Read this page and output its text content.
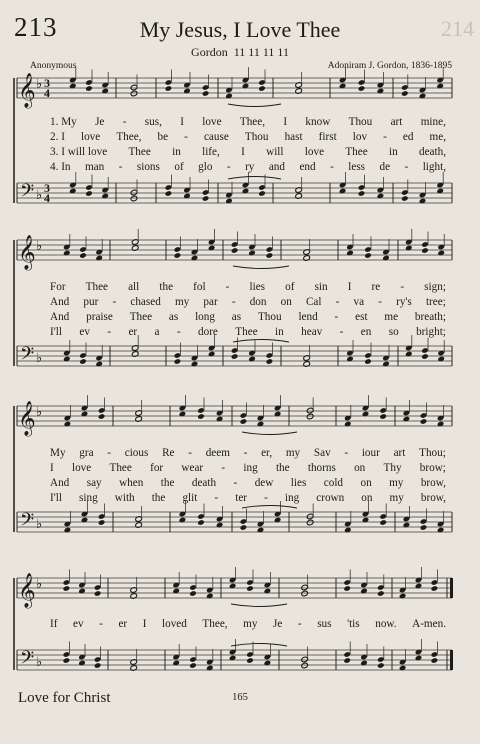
213	My Jesus, I Love Thee
Gordon 11 11 11 11
Anonymous	Adoniram J. Gordon, 1836-1895
214
𝄞 ♭ 3
4
𝄢 ♭ 3
4
𝄞 ♭
𝄢 ♭
𝄞 ♭
𝄢 ♭
𝄞 ♭
𝄢 ♭
Love for Christ	165
1. My Je - sus, I love Thee, I know Thou art mine,
2. I love Thee, be - cause Thou hast first lov - ed me,
3. I will love Thee in life, I will love Thee in death,
4. In man - sions of glo - ry and end - less de - light,
For Thee all the fol - lies of sin I re - sign;
And pur - chased my par - don on Cal - va - ry's tree;
And praise Thee as long as Thou lend - est me breath;
I'll ev - er a - dore Thee in heav - en so bright;
My gra - cious Re - deem - er, my Sav - iour art Thou;
I love Thee for wear - ing the thorns on Thy brow;
And say when the death - dew lies cold on my brow,
I'll sing with the glit - ter - ing crown on my brow,
If ev - er I loved Thee, my Je - sus 'tis now. A-men.
